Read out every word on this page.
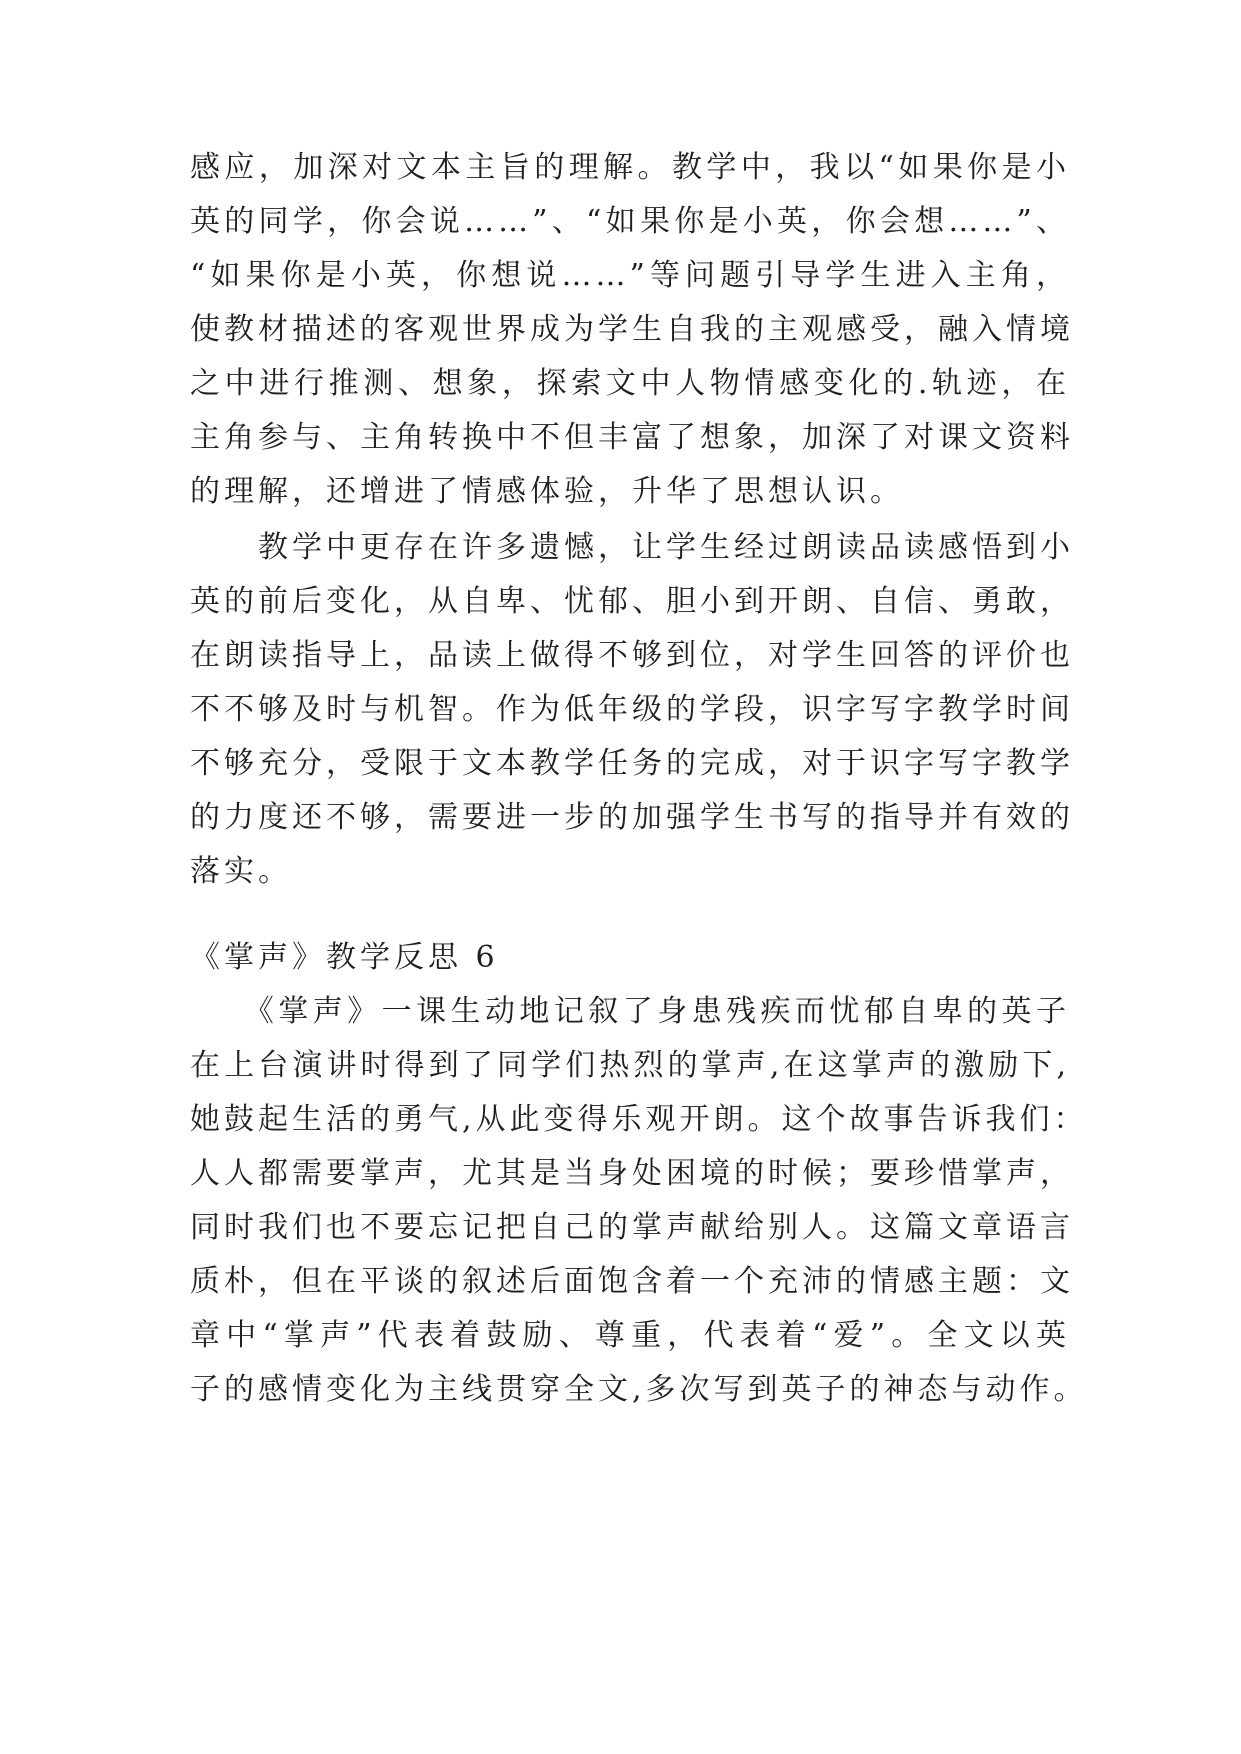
感应，加深对文本主旨的理解。教学中，我以“如果你是小
英的同学，你会说……”、“如果你是小英，你会想……”、
“如果你是小英，你想说……”等问题引导学生进入主角，
使教材描述的客观世界成为学生自我的主观感受，融入情境
之中进行推测、想象，探索文中人物情感变化的.轨迹，在
主角参与、主角转换中不但丰富了想象，加深了对课文资料
的理解，还增进了情感体验，升华了思想认识。
　　教学中更存在许多遗憾，让学生经过朗读品读感悟到小
英的前后变化，从自卑、忧郁、胆小到开朗、自信、勇敢，
在朗读指导上，品读上做得不够到位，对学生回答的评价也
不不够及时与机智。作为低年级的学段，识字写字教学时间
不够充分，受限于文本教学任务的完成，对于识字写字教学
的力度还不够，需要进一步的加强学生书写的指导并有效的
落实。
《掌声》教学反思 6
　　《掌声》一课生动地记叙了身患残疾而忧郁自卑的英子
在上台演讲时得到了同学们热烈的掌声,在这掌声的激励下,
她鼓起生活的勇气,从此变得乐观开朗。这个故事告诉我们：
人人都需要掌声，尤其是当身处困境的时候；要珍惜掌声，
同时我们也不要忘记把自己的掌声献给别人。这篇文章语言
质朴，但在平谈的叙述后面饱含着一个充沛的情感主题：文
章中“掌声”代表着鼓励、尊重，代表着“爱”。全文以英
子的感情变化为主线贯穿全文,多次写到英子的神态与动作。
